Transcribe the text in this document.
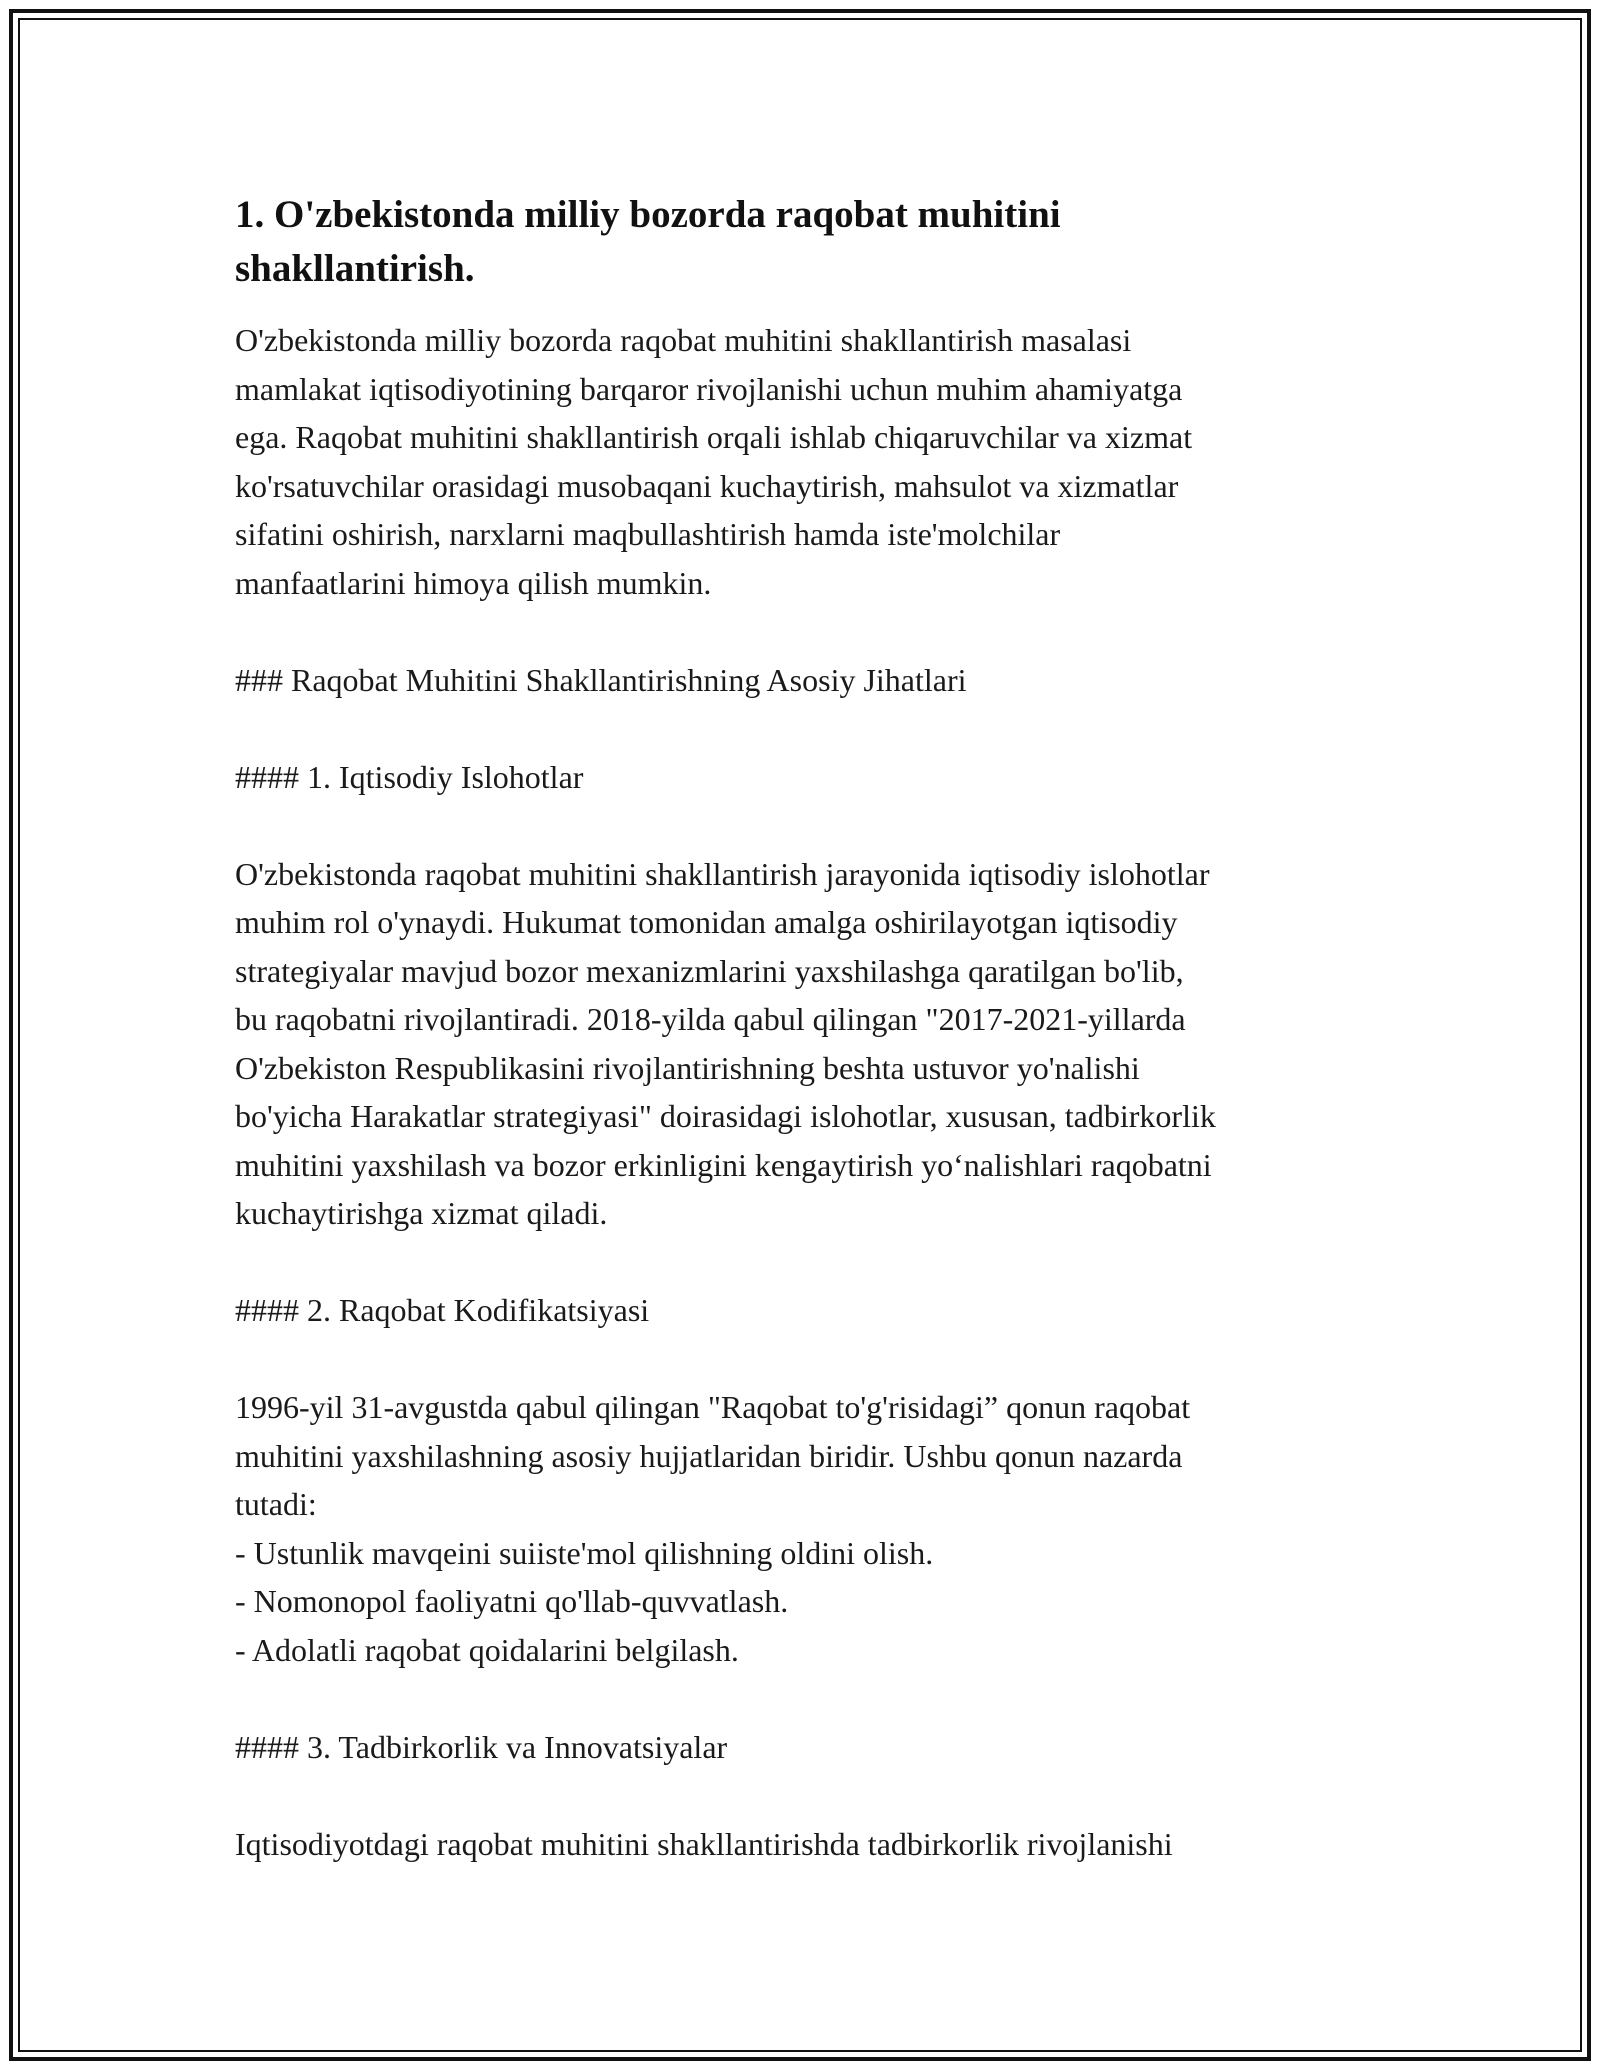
1. O'zbekistonda milliy bozorda raqobat muhitini
shakllantirish.
O'zbekistonda milliy bozorda raqobat muhitini shakllantirish masalasi
mamlakat iqtisodiyotining barqaror rivojlanishi uchun muhim ahamiyatga
ega. Raqobat muhitini shakllantirish orqali ishlab chiqaruvchilar va xizmat
ko'rsatuvchilar orasidagi musobaqani kuchaytirish, mahsulot va xizmatlar
sifatini oshirish, narxlarni maqbullashtirish hamda iste'molchilar
manfaatlarini himoya qilish mumkin.
### Raqobat Muhitini Shakllantirishning Asosiy Jihatlari
#### 1. Iqtisodiy Islohotlar
O'zbekistonda raqobat muhitini shakllantirish jarayonida iqtisodiy islohotlar
muhim rol o'ynaydi. Hukumat tomonidan amalga oshirilayotgan iqtisodiy
strategiyalar mavjud bozor mexanizmlarini yaxshilashga qaratilgan bo'lib,
bu raqobatni rivojlantiradi. 2018-yilda qabul qilingan "2017-2021-yillarda
O'zbekiston Respublikasini rivojlantirishning beshta ustuvor yo'nalishi
bo'yicha Harakatlar strategiyasi" doirasidagi islohotlar, xususan, tadbirkorlik
muhitini yaxshilash va bozor erkinligini kengaytirish yo‘nalishlari raqobatni
kuchaytirishga xizmat qiladi.
#### 2. Raqobat Kodifikatsiyasi
1996-yil 31-avgustda qabul qilingan "Raqobat to'g'risidagi” qonun raqobat
muhitini yaxshilashning asosiy hujjatlaridan biridir. Ushbu qonun nazarda
tutadi:
- Ustunlik mavqeini suiiste'mol qilishning oldini olish.
- Nomonopol faoliyatni qo'llab-quvvatlash.
- Adolatli raqobat qoidalarini belgilash.
#### 3. Tadbirkorlik va Innovatsiyalar
Iqtisodiyotdagi raqobat muhitini shakllantirishda tadbirkorlik rivojlanishi
